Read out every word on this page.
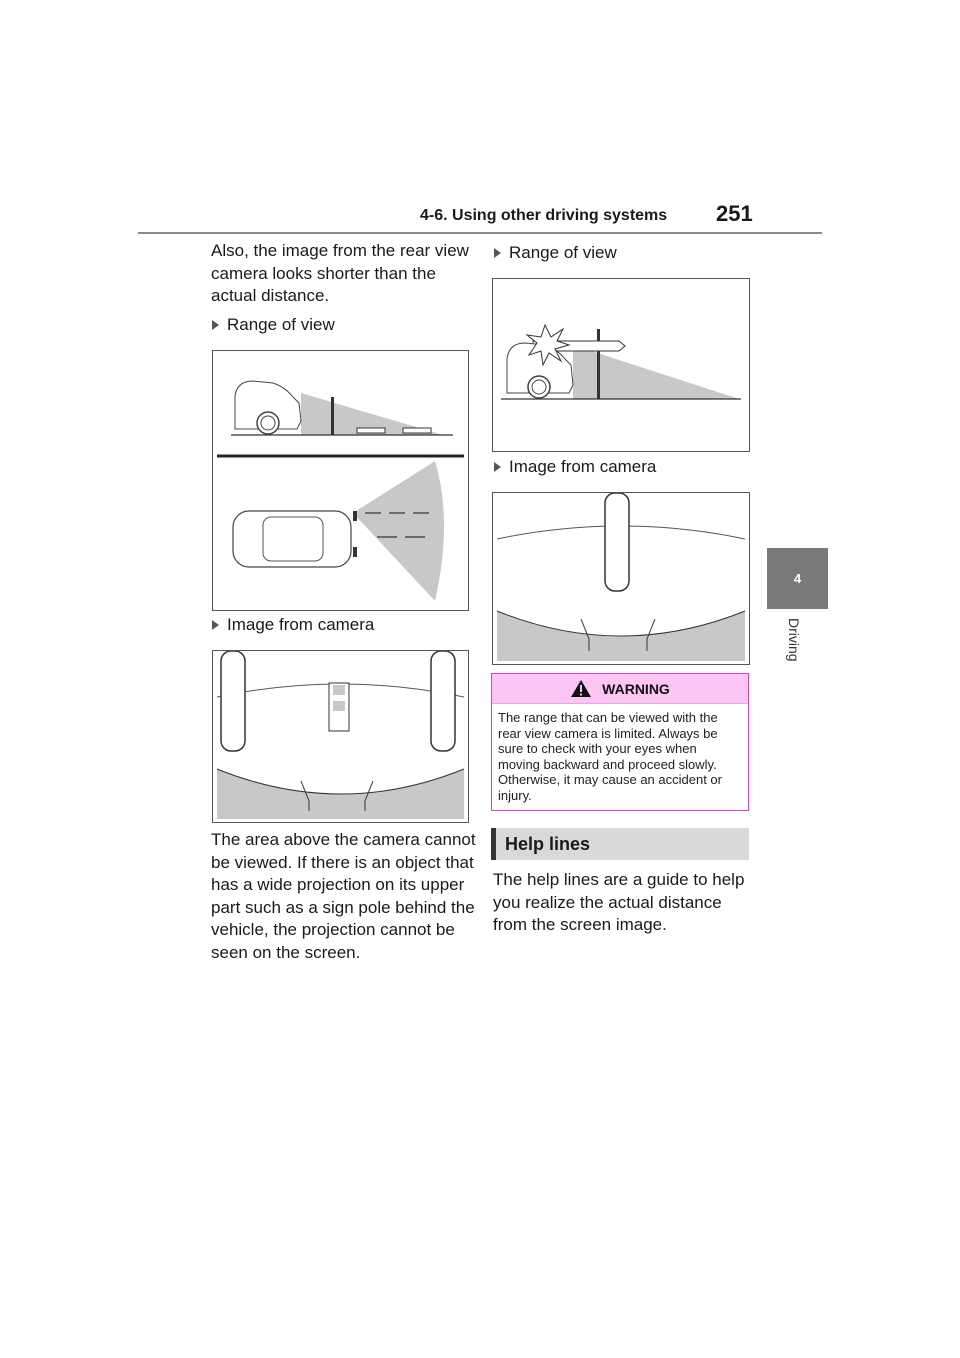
4-6. Using other driving systems 251
4
Driving
Also, the image from the rear view camera looks shorter than the actual distance.
Range of view
Image from camera
The area above the camera cannot be viewed. If there is an object that has a wide projection on its upper part such as a sign pole behind the vehicle, the projection cannot be seen on the screen.
Range of view
Image from camera
WARNING
The range that can be viewed with the rear view camera is limited. Always be sure to check with your eyes when moving backward and proceed slowly. Otherwise, it may cause an accident or injury.
Help lines
The help lines are a guide to help you realize the actual distance from the screen image.
